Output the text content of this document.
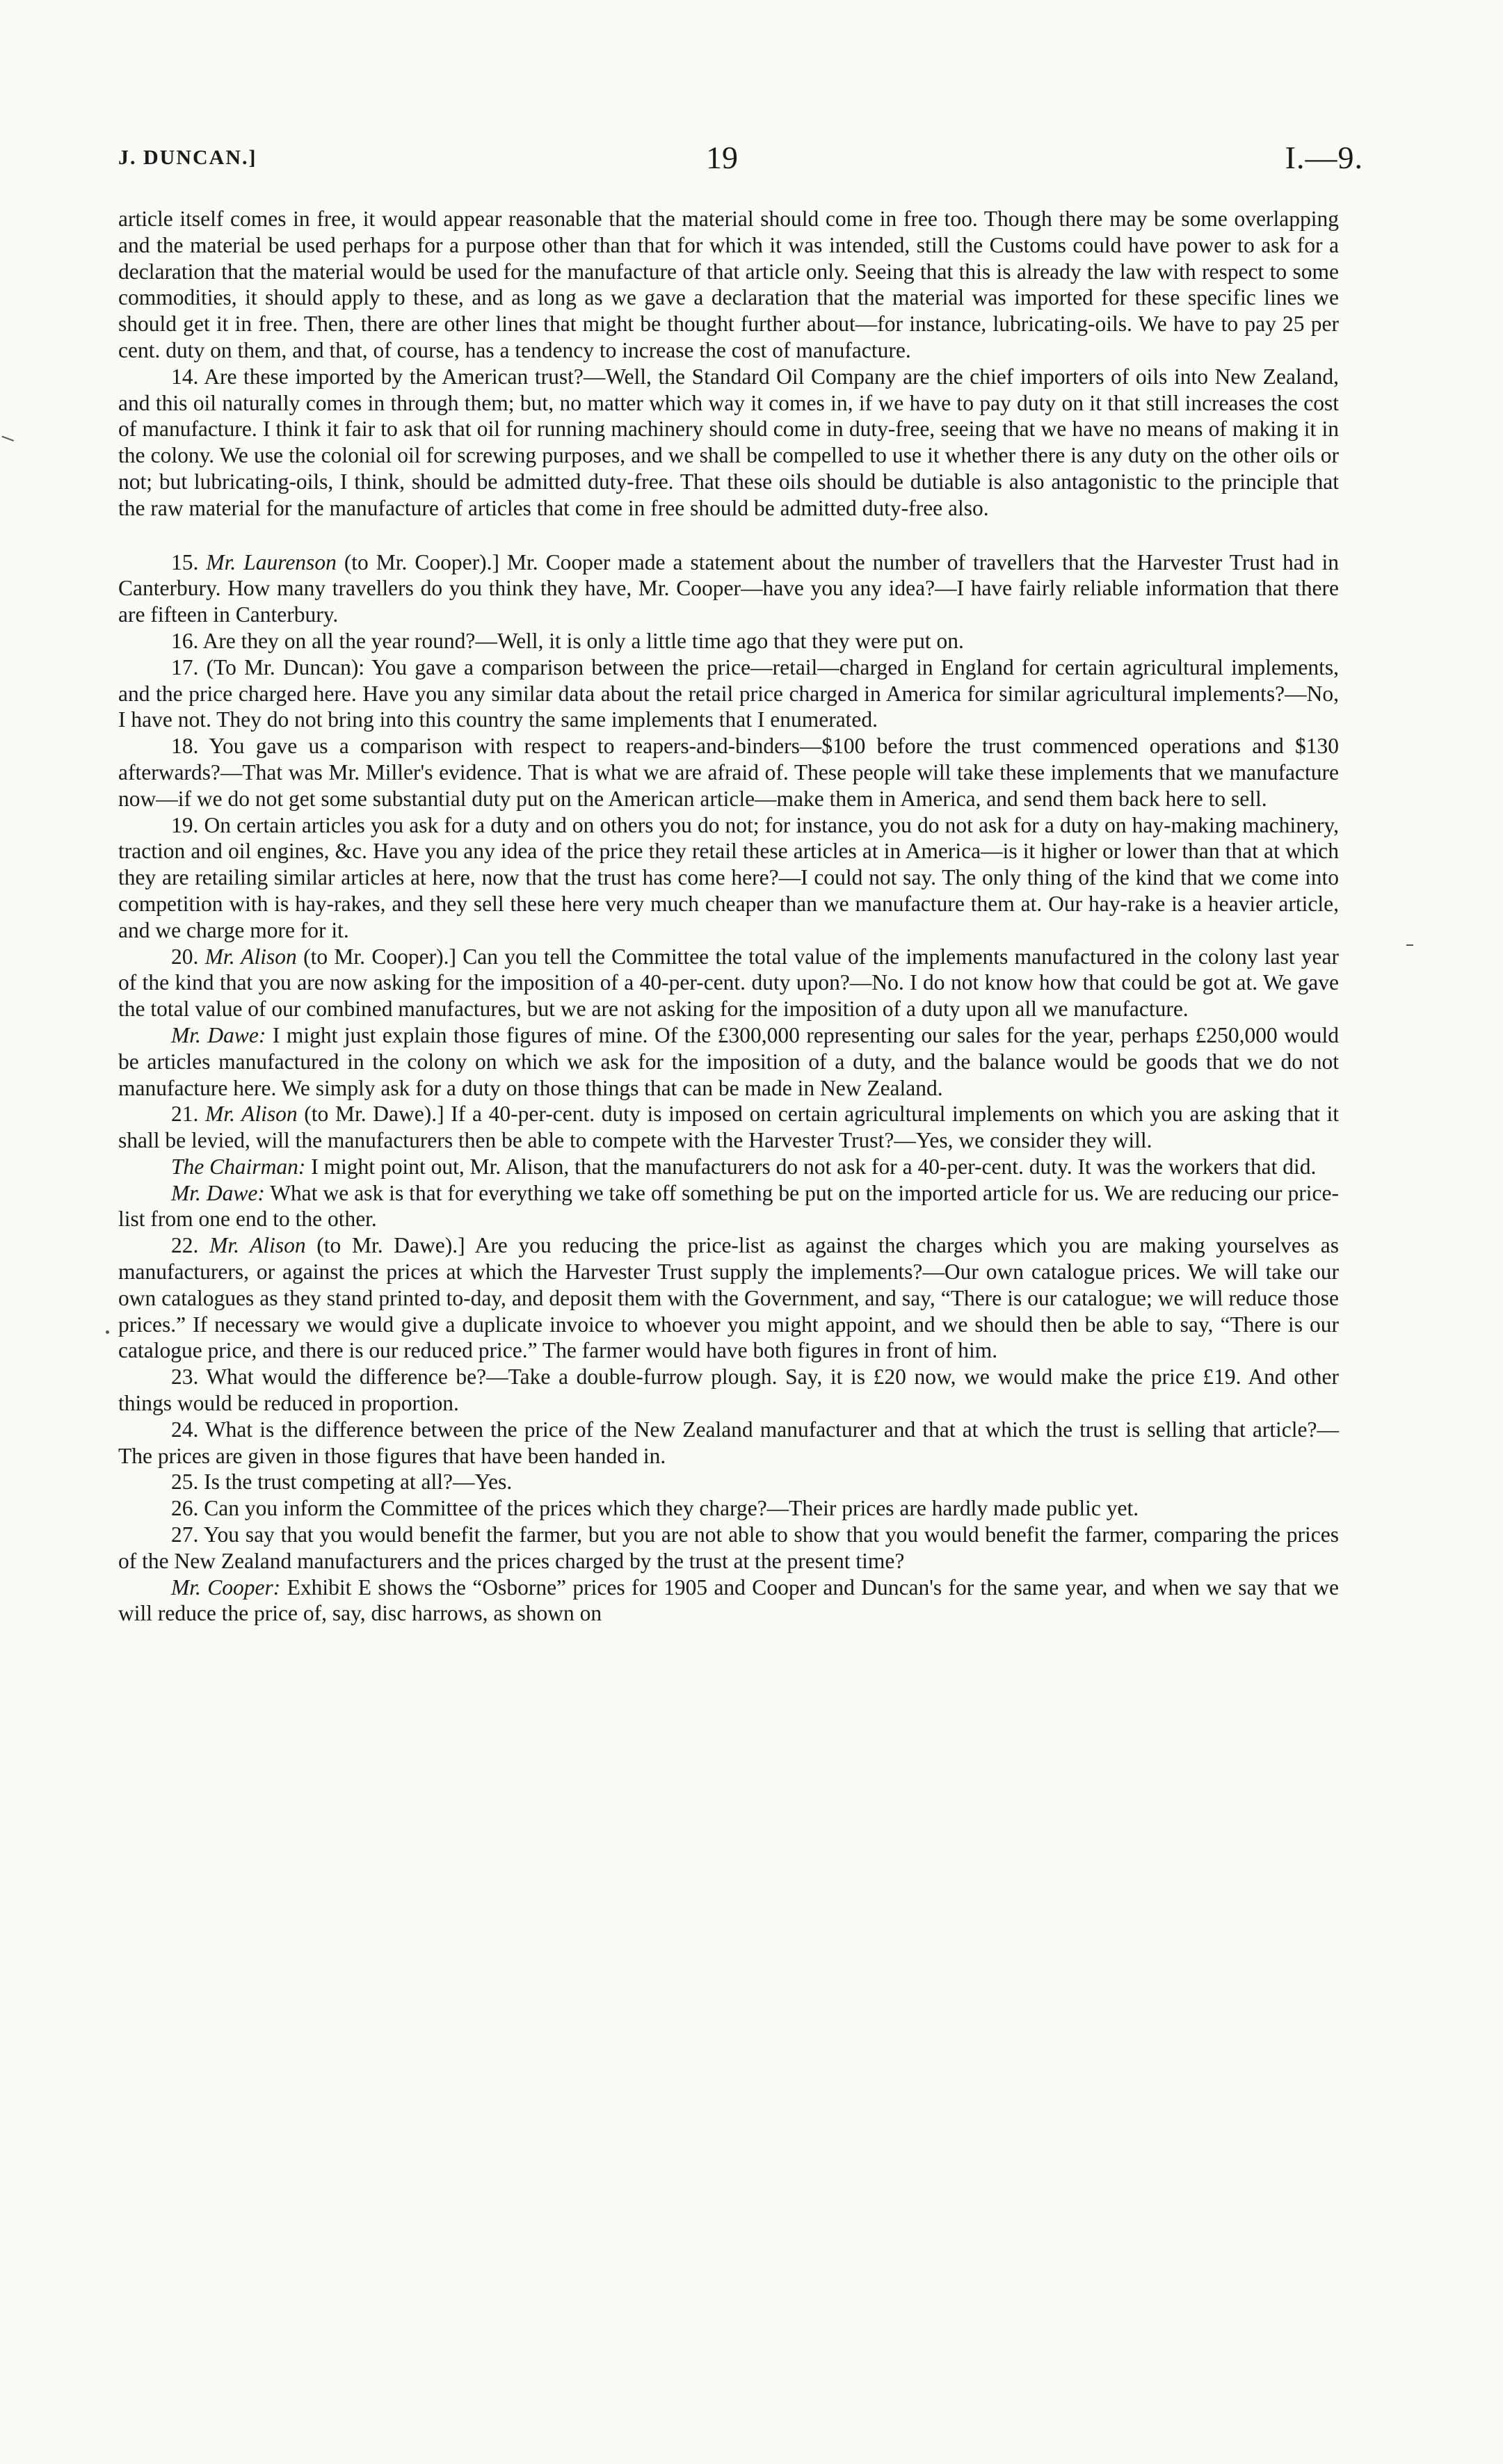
J. DUNCAN.]	19	I.—9.

article itself comes in free, it would appear reasonable that the material should come in free too. Though there may be some overlapping and the material be used perhaps for a purpose other than that for which it was intended, still the Customs could have power to ask for a declaration that the material would be used for the manufacture of that article only. Seeing that this is already the law with respect to some commodities, it should apply to these, and as long as we gave a declaration that the material was imported for these specific lines we should get it in free. Then, there are other lines that might be thought further about—for instance, lubricating-oils. We have to pay 25 per cent. duty on them, and that, of course, has a tendency to increase the cost of manufacture.

14. Are these imported by the American trust?—Well, the Standard Oil Company are the chief importers of oils into New Zealand, and this oil naturally comes in through them; but, no matter which way it comes in, if we have to pay duty on it that still increases the cost of manufacture. I think it fair to ask that oil for running machinery should come in duty-free, seeing that we have no means of making it in the colony. We use the colonial oil for screwing purposes, and we shall be compelled to use it whether there is any duty on the other oils or not; but lubricating-oils, I think, should be admitted duty-free. That these oils should be dutiable is also antagonistic to the principle that the raw material for the manufacture of articles that come in free should be admitted duty-free also.

15. Mr. Laurenson (to Mr. Cooper).] Mr. Cooper made a statement about the number of travellers that the Harvester Trust had in Canterbury. How many travellers do you think they have, Mr. Cooper—have you any idea?—I have fairly reliable information that there are fifteen in Canterbury.

16. Are they on all the year round?—Well, it is only a little time ago that they were put on.

17. (To Mr. Duncan): You gave a comparison between the price—retail—charged in England for certain agricultural implements, and the price charged here. Have you any similar data about the retail price charged in America for similar agricultural implements?—No, I have not. They do not bring into this country the same implements that I enumerated.

18. You gave us a comparison with respect to reapers-and-binders—$100 before the trust commenced operations and $130 afterwards?—That was Mr. Miller's evidence. That is what we are afraid of. These people will take these implements that we manufacture now—if we do not get some substantial duty put on the American article—make them in America, and send them back here to sell.

19. On certain articles you ask for a duty and on others you do not; for instance, you do not ask for a duty on hay-making machinery, traction and oil engines, &c. Have you any idea of the price they retail these articles at in America—is it higher or lower than that at which they are retailing similar articles at here, now that the trust has come here?—I could not say. The only thing of the kind that we come into competition with is hay-rakes, and they sell these here very much cheaper than we manufacture them at. Our hay-rake is a heavier article, and we charge more for it.

20. Mr. Alison (to Mr. Cooper).] Can you tell the Committee the total value of the implements manufactured in the colony last year of the kind that you are now asking for the imposition of a 40-per-cent. duty upon?—No. I do not know how that could be got at. We gave the total value of our combined manufactures, but we are not asking for the imposition of a duty upon all we manufacture.

Mr. Dawe: I might just explain those figures of mine. Of the £300,000 representing our sales for the year, perhaps £250,000 would be articles manufactured in the colony on which we ask for the imposition of a duty, and the balance would be goods that we do not manufacture here. We simply ask for a duty on those things that can be made in New Zealand.

21. Mr. Alison (to Mr. Dawe).] If a 40-per-cent. duty is imposed on certain agricultural implements on which you are asking that it shall be levied, will the manufacturers then be able to compete with the Harvester Trust?—Yes, we consider they will.

The Chairman: I might point out, Mr. Alison, that the manufacturers do not ask for a 40-per-cent. duty. It was the workers that did.

Mr. Dawe: What we ask is that for everything we take off something be put on the imported article for us. We are reducing our price-list from one end to the other.

22. Mr. Alison (to Mr. Dawe).] Are you reducing the price-list as against the charges which you are making yourselves as manufacturers, or against the prices at which the Harvester Trust supply the implements?—Our own catalogue prices. We will take our own catalogues as they stand printed to-day, and deposit them with the Government, and say, “There is our catalogue; we will reduce those prices.” If necessary we would give a duplicate invoice to whoever you might appoint, and we should then be able to say, “There is our catalogue price, and there is our reduced price.” The farmer would have both figures in front of him.

23. What would the difference be?—Take a double-furrow plough. Say, it is £20 now, we would make the price £19. And other things would be reduced in proportion.

24. What is the difference between the price of the New Zealand manufacturer and that at which the trust is selling that article?—The prices are given in those figures that have been handed in.

25. Is the trust competing at all?—Yes.

26. Can you inform the Committee of the prices which they charge?—Their prices are hardly made public yet.

27. You say that you would benefit the farmer, but you are not able to show that you would benefit the farmer, comparing the prices of the New Zealand manufacturers and the prices charged by the trust at the present time?

Mr. Cooper: Exhibit E shows the “Osborne” prices for 1905 and Cooper and Duncan's for the same year, and when we say that we will reduce the price of, say, disc harrows, as shown on
